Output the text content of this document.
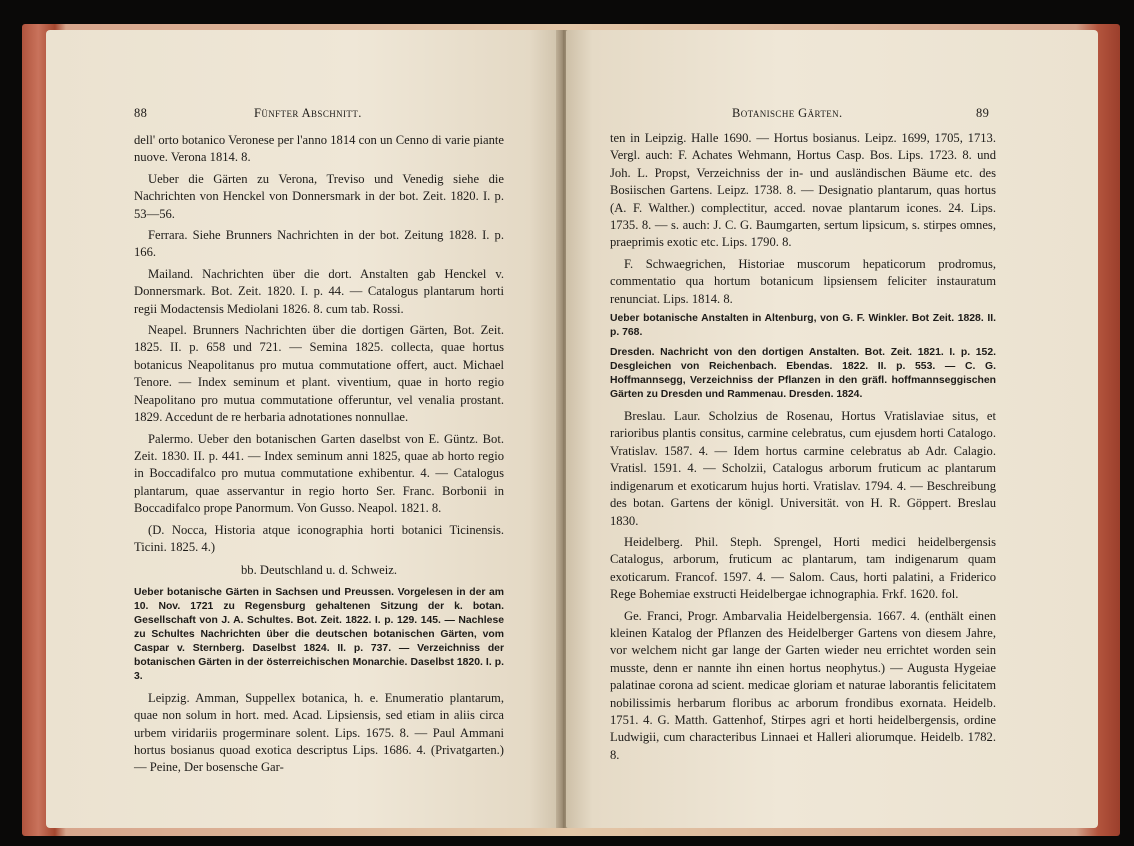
88	Fünfter Abschnitt.

dell' orto botanico Veronese per l'anno 1814 con un Cenno di varie piante nuove. Verona 1814. 8.

Ueber die Gärten zu Verona, Treviso und Venedig siehe die Nachrichten von Henckel von Donnersmark in der bot. Zeit. 1820. I. p. 53—56.

Ferrara. Siehe Brunners Nachrichten in der bot. Zeitung 1828. I. p. 166.

Mailand. Nachrichten über die dort. Anstalten gab Henckel v. Donnersmark. Bot. Zeit. 1820. I. p. 44. — Catalogus plantarum horti regii Modactensis Mediolani 1826. 8. cum tab. Rossi.

Neapel. Brunners Nachrichten über die dortigen Gärten, Bot. Zeit. 1825. II. p. 658 und 721. — Semina 1825. collecta, quae hortus botanicus Neapolitanus pro mutua commutatione offert, auct. Michael Tenore. — Index seminum et plant. viventium, quae in horto regio Neapolitano pro mutua commutatione offeruntur, vel venalia prostant. 1829. Accedunt de re herbaria adnotationes nonnullae.

Palermo. Ueber den botanischen Garten daselbst von E. Güntz. Bot. Zeit. 1830. II. p. 441. — Index seminum anni 1825, quae ab horto regio in Boccadifalco pro mutua commutatione exhibentur. 4. — Catalogus plantarum, quae asservantur in regio horto Ser. Franc. Borbonii in Boccadifalco prope Panormum. Von Gusso. Neapol. 1821. 8.

(D. Nocca, Historia atque iconographia horti botanici Ticinensis. Ticini. 1825. 4.)

bb. Deutschland u. d. Schweiz.
Ueber botanische Gärten in Sachsen und Preussen. Vorgelesen in der am 10. Nov. 1721 zu Regensburg gehaltenen Sitzung der k. botan. Gesellschaft von J. A. Schultes. Bot. Zeit. 1822. I. p. 129. 145. — Nachlese zu Schultes Nachrichten über die deutschen botanischen Gärten, vom Caspar v. Sternberg. Daselbst 1824. II. p. 737. — Verzeichniss der botanischen Gärten in der österreichischen Monarchie. Daselbst 1820. I. p. 3.

Leipzig. Amman, Suppellex botanica, h. e. Enumeratio plantarum, quae non solum in hort. med. Acad. Lipsiensis, sed etiam in aliis circa urbem viridariis progerminare solent. Lips. 1675. 8. — Paul Ammani hortus bosianus quoad exotica descriptus Lips. 1686. 4. (Privatgarten.) — Peine, Der bosensche Gar-

Botanische Gärten.	89

ten in Leipzig. Halle 1690. — Hortus bosianus. Leipz. 1699, 1705, 1713. Vergl. auch: F. Achates Wehmann, Hortus Casp. Bos. Lips. 1723. 8. und Joh. L. Propst, Verzeichniss der in- und ausländischen Bäume etc. des Bosiischen Gartens. Leipz. 1738. 8. — Designatio plantarum, quas hortus (A. F. Walther.) complectitur, acced. novae plantarum icones. 24. Lips. 1735. 8. — s. auch: J. C. G. Baumgarten, sertum lipsicum, s. stirpes omnes, praeprimis exotic etc. Lips. 1790. 8.

F. Schwaegrichen, Historiae muscorum hepaticorum prodromus, commentatio qua hortum botanicum lipsiensem feliciter instauratum renunciat. Lips. 1814. 8.

Ueber botanische Anstalten in Altenburg, von G. F. Winkler. Bot Zeit. 1828. II. p. 768.
Dresden. Nachricht von den dortigen Anstalten. Bot. Zeit. 1821. I. p. 152. Desgleichen von Reichenbach. Ebendas. 1822. II. p. 553. — C. G. Hoffmannsegg, Verzeichniss der Pflanzen in den gräfl. hoffmannseggischen Gärten zu Dresden und Rammenau. Dresden. 1824.

Breslau. Laur. Scholzius de Rosenau, Hortus Vratislaviae situs, et rarioribus plantis consitus, carmine celebratus, cum ejusdem horti Catalogo. Vratislav. 1587. 4. — Idem hortus carmine celebratus ab Adr. Calagio. Vratisl. 1591. 4. — Scholzii, Catalogus arborum fruticum ac plantarum indigenarum et exoticarum hujus horti. Vratislav. 1794. 4. — Beschreibung des botan. Gartens der königl. Universität. von H. R. Göppert. Breslau 1830.

Heidelberg. Phil. Steph. Sprengel, Horti medici heidelbergensis Catalogus, arborum, fruticum ac plantarum, tam indigenarum quam exoticarum. Francof. 1597. 4. — Salom. Caus, horti palatini, a Friderico Rege Bohemiae exstructi Heidelbergae ichnographia. Frkf. 1620. fol.

Ge. Franci, Progr. Ambarvalia Heidelbergensia. 1667. 4. (enthält einen kleinen Katalog der Pflanzen des Heidelberger Gartens von diesem Jahre, vor welchem nicht gar lange der Garten wieder neu errichtet worden sein musste, denn er nannte ihn einen hortus neophytus.) — Augusta Hygeiae palatinae corona ad scient. medicae gloriam et naturae laborantis felicitatem nobilissimis herbarum floribus ac arborum frondibus exornata. Heidelb. 1751. 4. G. Matth. Gattenhof, Stirpes agri et horti heidelbergensis, ordine Ludwigii, cum characteribus Linnaei et Halleri aliorumque. Heidelb. 1782. 8.
